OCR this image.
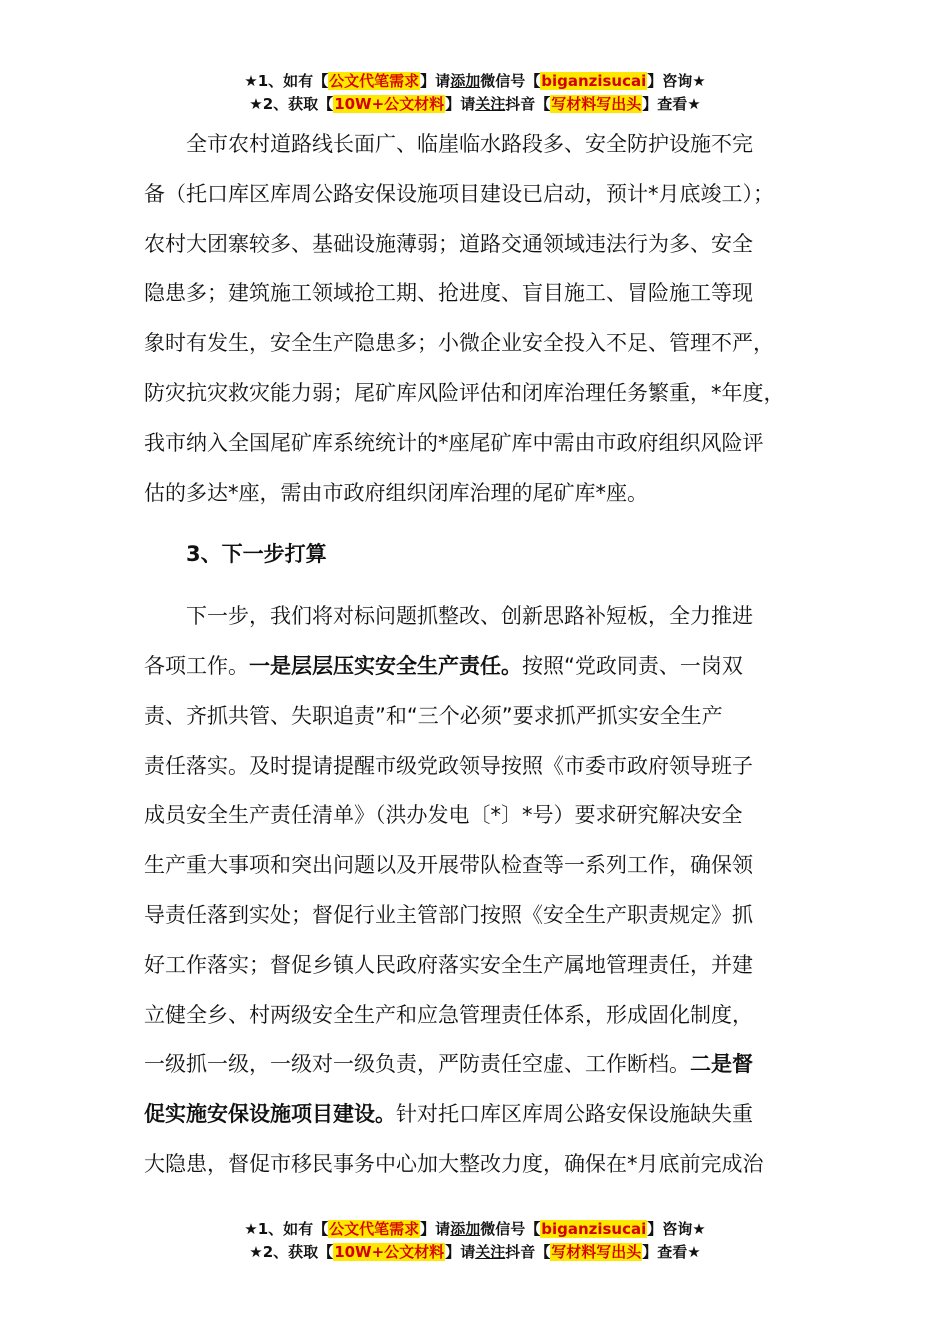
★1、如有【公文代笔需求】请添加微信号【biganzisucai】咨询★
★2、获取【10W+公文材料】请关注抖音【写材料写出头】查看★
全市农村道路线长面广、临崖临水路段多、安全防护设施不完
备（托口库区库周公路安保设施项目建设已启动，预计*月底竣工）；
农村大团寨较多、基础设施薄弱；道路交通领域违法行为多、安全
隐患多；建筑施工领域抢工期、抢进度、盲目施工、冒险施工等现
象时有发生，安全生产隐患多；小微企业安全投入不足、管理不严，
防灾抗灾救灾能力弱；尾矿库风险评估和闭库治理任务繁重，*年度，
我市纳入全国尾矿库系统统计的*座尾矿库中需由市政府组织风险评
估的多达*座，需由市政府组织闭库治理的尾矿库*座。
3、下一步打算
下一步，我们将对标问题抓整改、创新思路补短板，全力推进
各项工作。一是层层压实安全生产责任。按照“党政同责、一岗双
责、齐抓共管、失职追责”和“三个必须”要求抓严抓实安全生产
责任落实。及时提请提醒市级党政领导按照《市委市政府领导班子
成员安全生产责任清单》（洪办发电〔*〕*号）要求研究解决安全
生产重大事项和突出问题以及开展带队检查等一系列工作，确保领
导责任落到实处；督促行业主管部门按照《安全生产职责规定》抓
好工作落实；督促乡镇人民政府落实安全生产属地管理责任，并建
立健全乡、村两级安全生产和应急管理责任体系，形成固化制度，
一级抓一级，一级对一级负责，严防责任空虚、工作断档。二是督
促实施安保设施项目建设。针对托口库区库周公路安保设施缺失重
大隐患，督促市移民事务中心加大整改力度，确保在*月底前完成治
★1、如有【公文代笔需求】请添加微信号【biganzisucai】咨询★
★2、获取【10W+公文材料】请关注抖音【写材料写出头】查看★
